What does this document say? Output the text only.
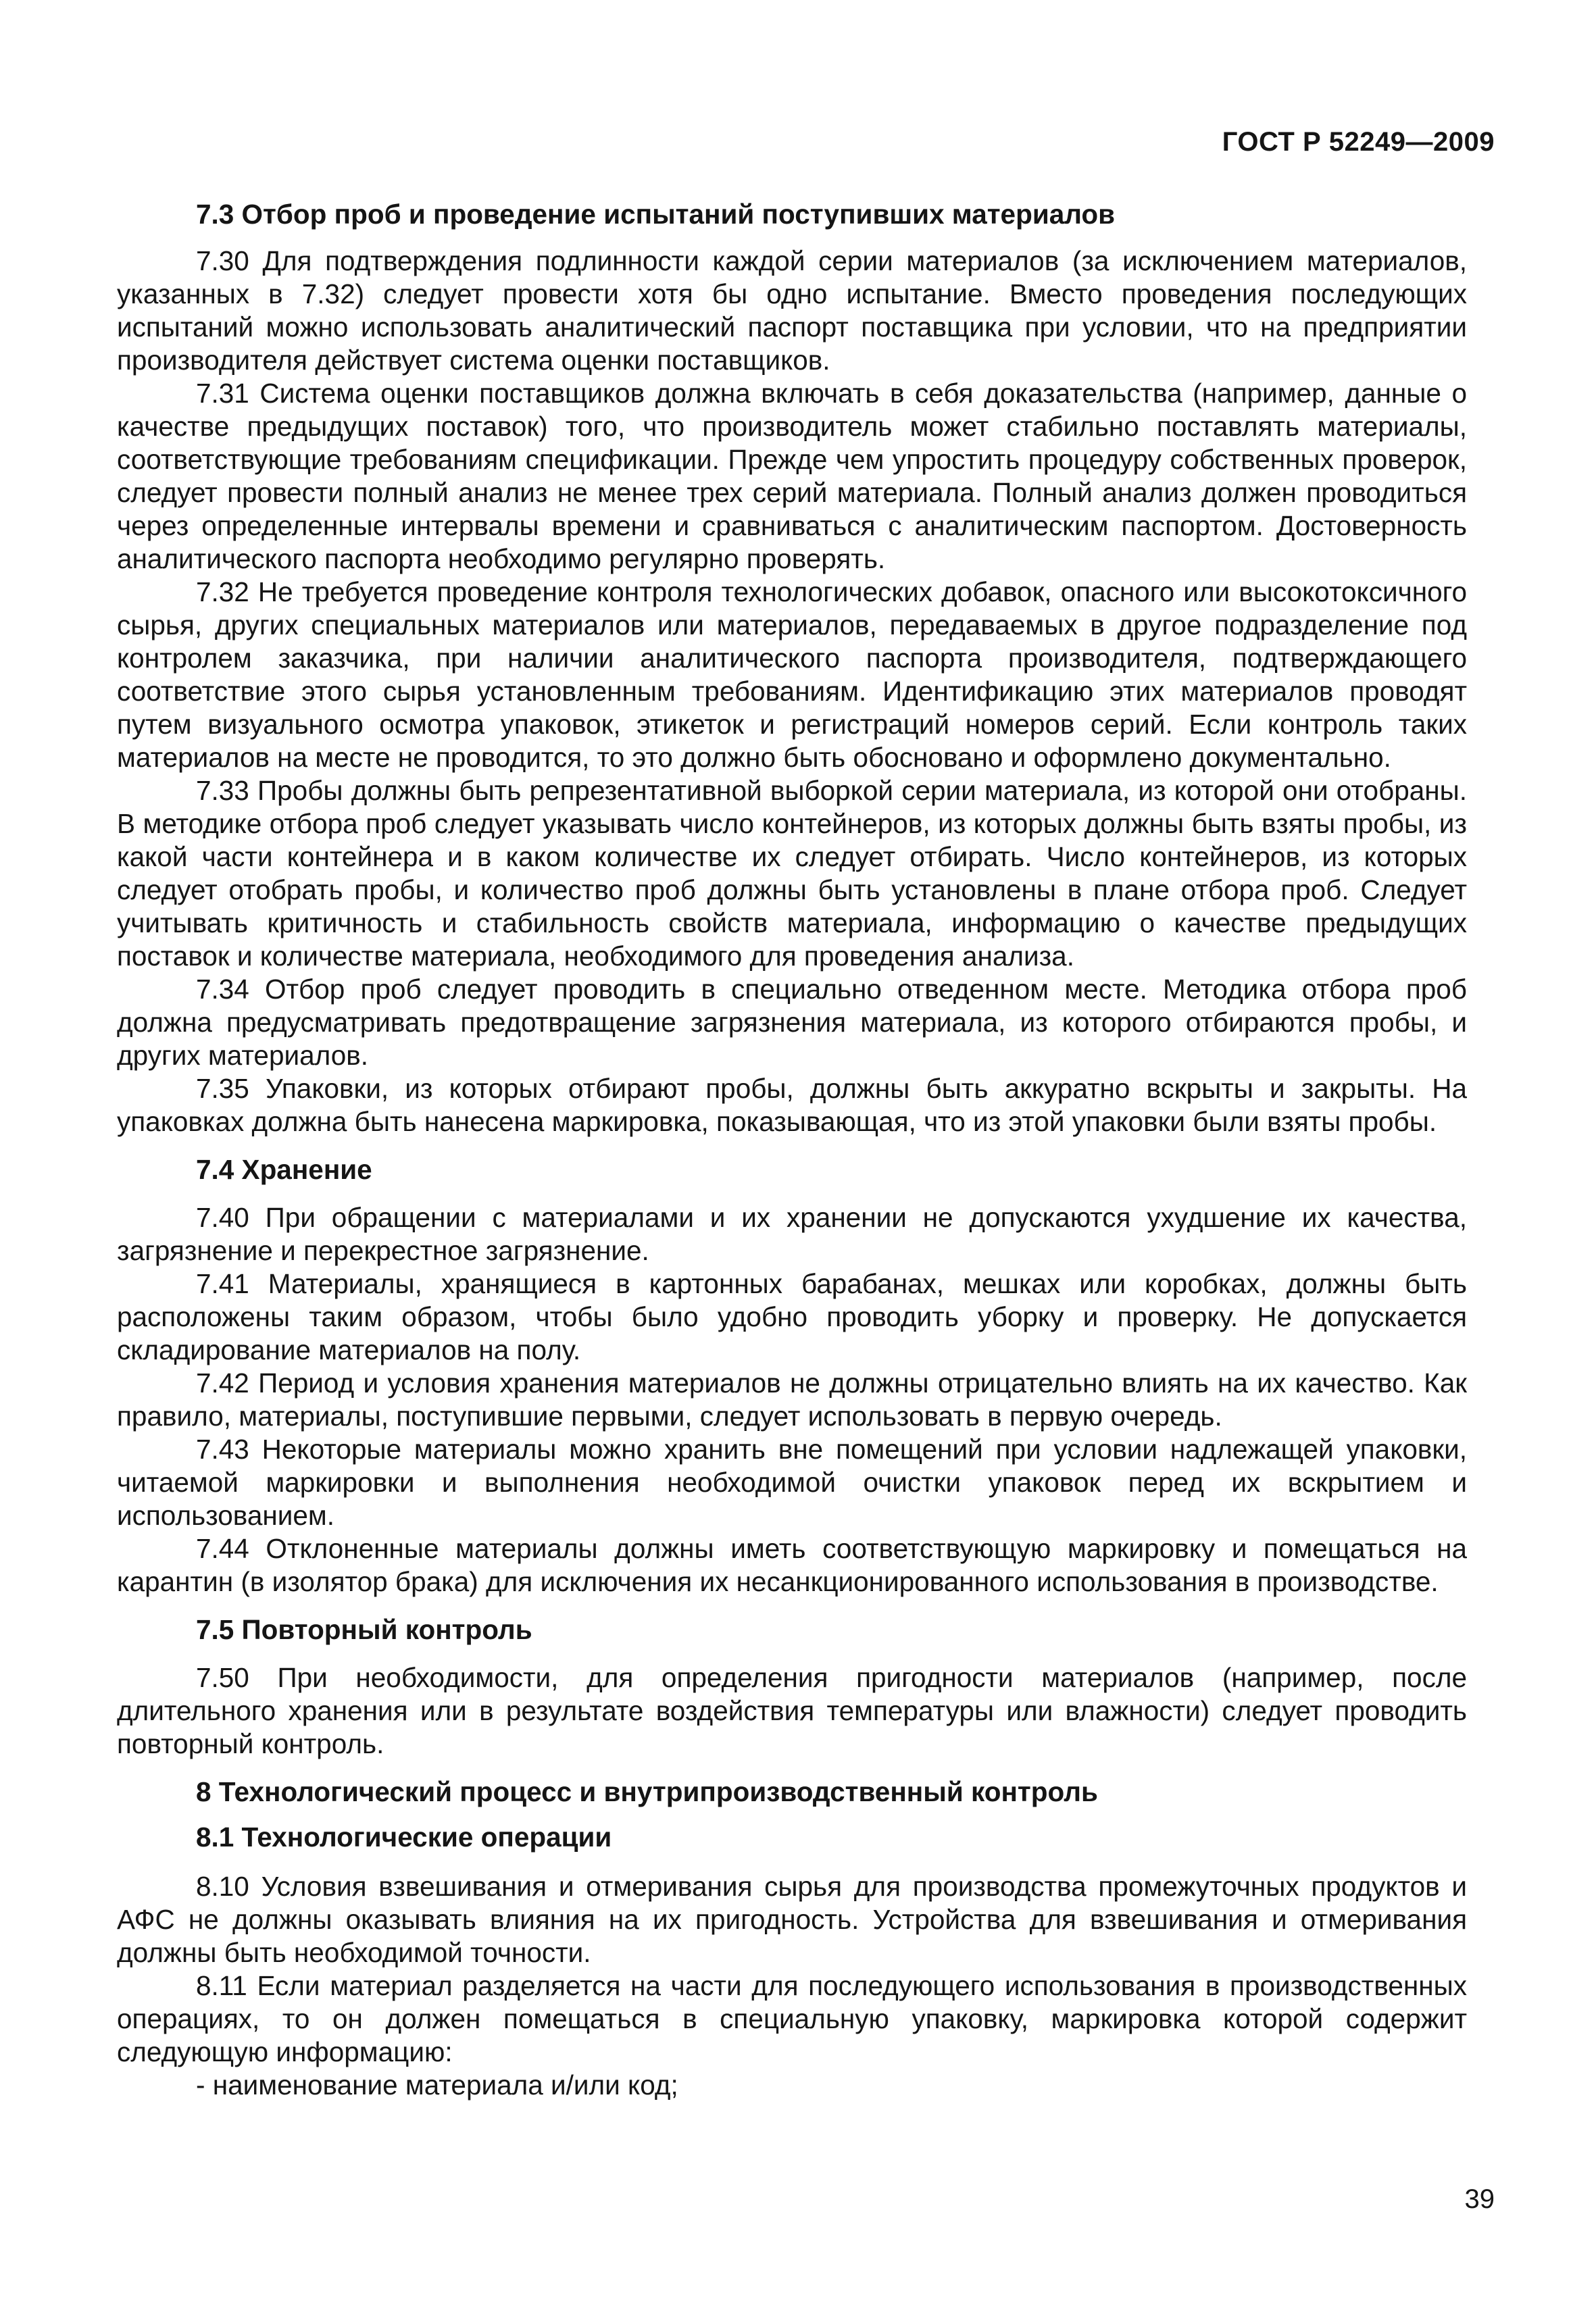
ГОСТ Р 52249—2009
7.3 Отбор проб и проведение испытаний поступивших материалов

7.30 Для подтверждения подлинности каждой серии материалов (за исключением материалов, указанных в 7.32) следует провести хотя бы одно испытание. Вместо проведения последующих испытаний можно использовать аналитический паспорт поставщика при условии, что на предприятии производителя действует система оценки поставщиков.

7.31 Система оценки поставщиков должна включать в себя доказательства (например, данные о качестве предыдущих поставок) того, что производитель может стабильно поставлять материалы, соответствующие требованиям спецификации. Прежде чем упростить процедуру собственных проверок, следует провести полный анализ не менее трех серий материала. Полный анализ должен проводиться через определенные интервалы времени и сравниваться с аналитическим паспортом. Достоверность аналитического паспорта необходимо регулярно проверять.

7.32 Не требуется проведение контроля технологических добавок, опасного или высокотоксичного сырья, других специальных материалов или материалов, передаваемых в другое подразделение под контролем заказчика, при наличии аналитического паспорта производителя, подтверждающего соответствие этого сырья установленным требованиям. Идентификацию этих материалов проводят путем визуального осмотра упаковок, этикеток и регистраций номеров серий. Если контроль таких материалов на месте не проводится, то это должно быть обосновано и оформлено документально.

7.33 Пробы должны быть репрезентативной выборкой серии материала, из которой они отобраны. В методике отбора проб следует указывать число контейнеров, из которых должны быть взяты пробы, из какой части контейнера и в каком количестве их следует отбирать. Число контейнеров, из которых следует отобрать пробы, и количество проб должны быть установлены в плане отбора проб. Следует учитывать критичность и стабильность свойств материала, информацию о качестве предыдущих поставок и количестве материала, необходимого для проведения анализа.

7.34 Отбор проб следует проводить в специально отведенном месте. Методика отбора проб должна предусматривать предотвращение загрязнения материала, из которого отбираются пробы, и других материалов.

7.35 Упаковки, из которых отбирают пробы, должны быть аккуратно вскрыты и закрыты. На упаковках должна быть нанесена маркировка, показывающая, что из этой упаковки были взяты пробы.

7.4 Хранение

7.40 При обращении с материалами и их хранении не допускаются ухудшение их качества, загрязнение и перекрестное загрязнение.

7.41 Материалы, хранящиеся в картонных барабанах, мешках или коробках, должны быть расположены таким образом, чтобы было удобно проводить уборку и проверку. Не допускается складирование материалов на полу.

7.42 Период и условия хранения материалов не должны отрицательно влиять на их качество. Как правило, материалы, поступившие первыми, следует использовать в первую очередь.

7.43 Некоторые материалы можно хранить вне помещений при условии надлежащей упаковки, читаемой маркировки и выполнения необходимой очистки упаковок перед их вскрытием и использованием.

7.44 Отклоненные материалы должны иметь соответствующую маркировку и помещаться на карантин (в изолятор брака) для исключения их несанкционированного использования в производстве.

7.5 Повторный контроль

7.50 При необходимости, для определения пригодности материалов (например, после длительного хранения или в результате воздействия температуры или влажности) следует проводить повторный контроль.

8 Технологический процесс и внутрипроизводственный контроль
8.1 Технологические операции

8.10 Условия взвешивания и отмеривания сырья для производства промежуточных продуктов и АФС не должны оказывать влияния на их пригодность. Устройства для взвешивания и отмеривания должны быть необходимой точности.

8.11 Если материал разделяется на части для последующего использования в производственных операциях, то он должен помещаться в специальную упаковку, маркировка которой содержит следующую информацию:

- наименование материала и/или код;

39
